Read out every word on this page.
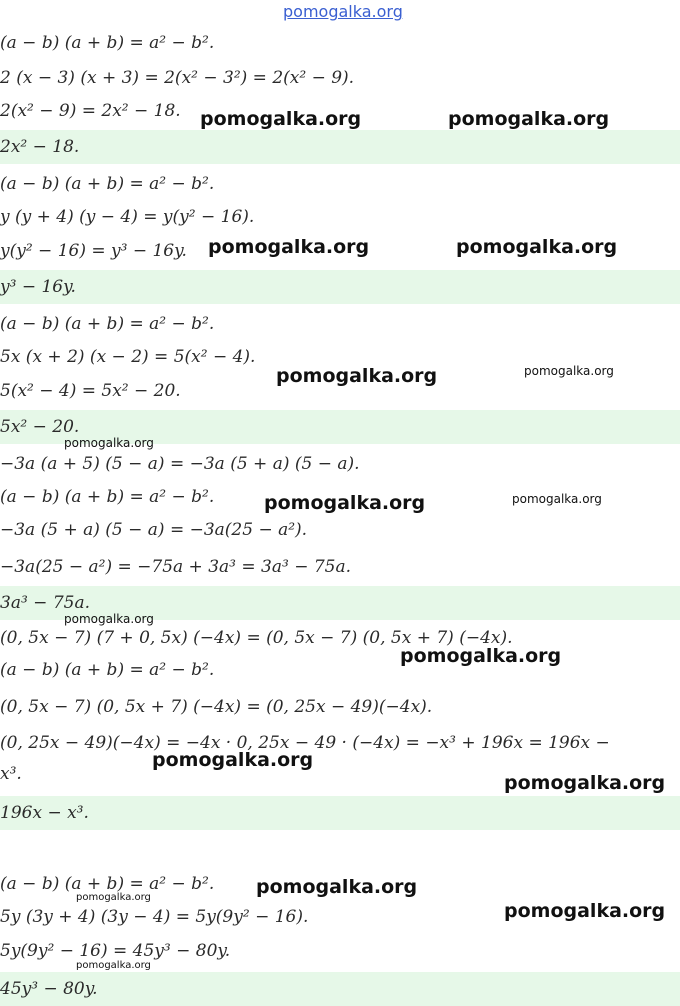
pomogalka.org
(a − b) (a + b) = a² − b².
2 (x − 3) (x + 3) = 2(x² − 3²) = 2(x² − 9).
2(x² − 9) = 2x² − 18.
2x² − 18.
(a − b) (a + b) = a² − b².
y (y + 4) (y − 4) = y(y² − 16).
y(y² − 16) = y³ − 16y.
y³ − 16y.
(a − b) (a + b) = a² − b².
5x (x + 2) (x − 2) = 5(x² − 4).
5(x² − 4) = 5x² − 20.
5x² − 20.
−3a (a + 5) (5 − a) = −3a (5 + a) (5 − a).
(a − b) (a + b) = a² − b².
−3a (5 + a) (5 − a) = −3a(25 − a²).
−3a(25 − a²) = −75a + 3a³ = 3a³ − 75a.
3a³ − 75a.
(0, 5x − 7) (7 + 0, 5x) (−4x) = (0, 5x − 7) (0, 5x + 7) (−4x).
(a − b) (a + b) = a² − b².
(0, 5x − 7) (0, 5x + 7) (−4x) = (0, 25x − 49)(−4x).
(0, 25x − 49)(−4x) = −4x · 0, 25x − 49 · (−4x) = −x³ + 196x = 196x −
x³.
196x − x³.
(a − b) (a + b) = a² − b².
5y (3y + 4) (3y − 4) = 5y(9y² − 16).
5y(9y² − 16) = 45y³ − 80y.
45y³ − 80y.
pomogalka.org	pomogalka.org
pomogalka.org	pomogalka.org
pomogalka.org	pomogalka.org
pomogalka.org
pomogalka.org	pomogalka.org
pomogalka.org
pomogalka.org
pomogalka.org
pomogalka.org
pomogalka.org
pomogalka.org
pomogalka.org
pomogalka.org
